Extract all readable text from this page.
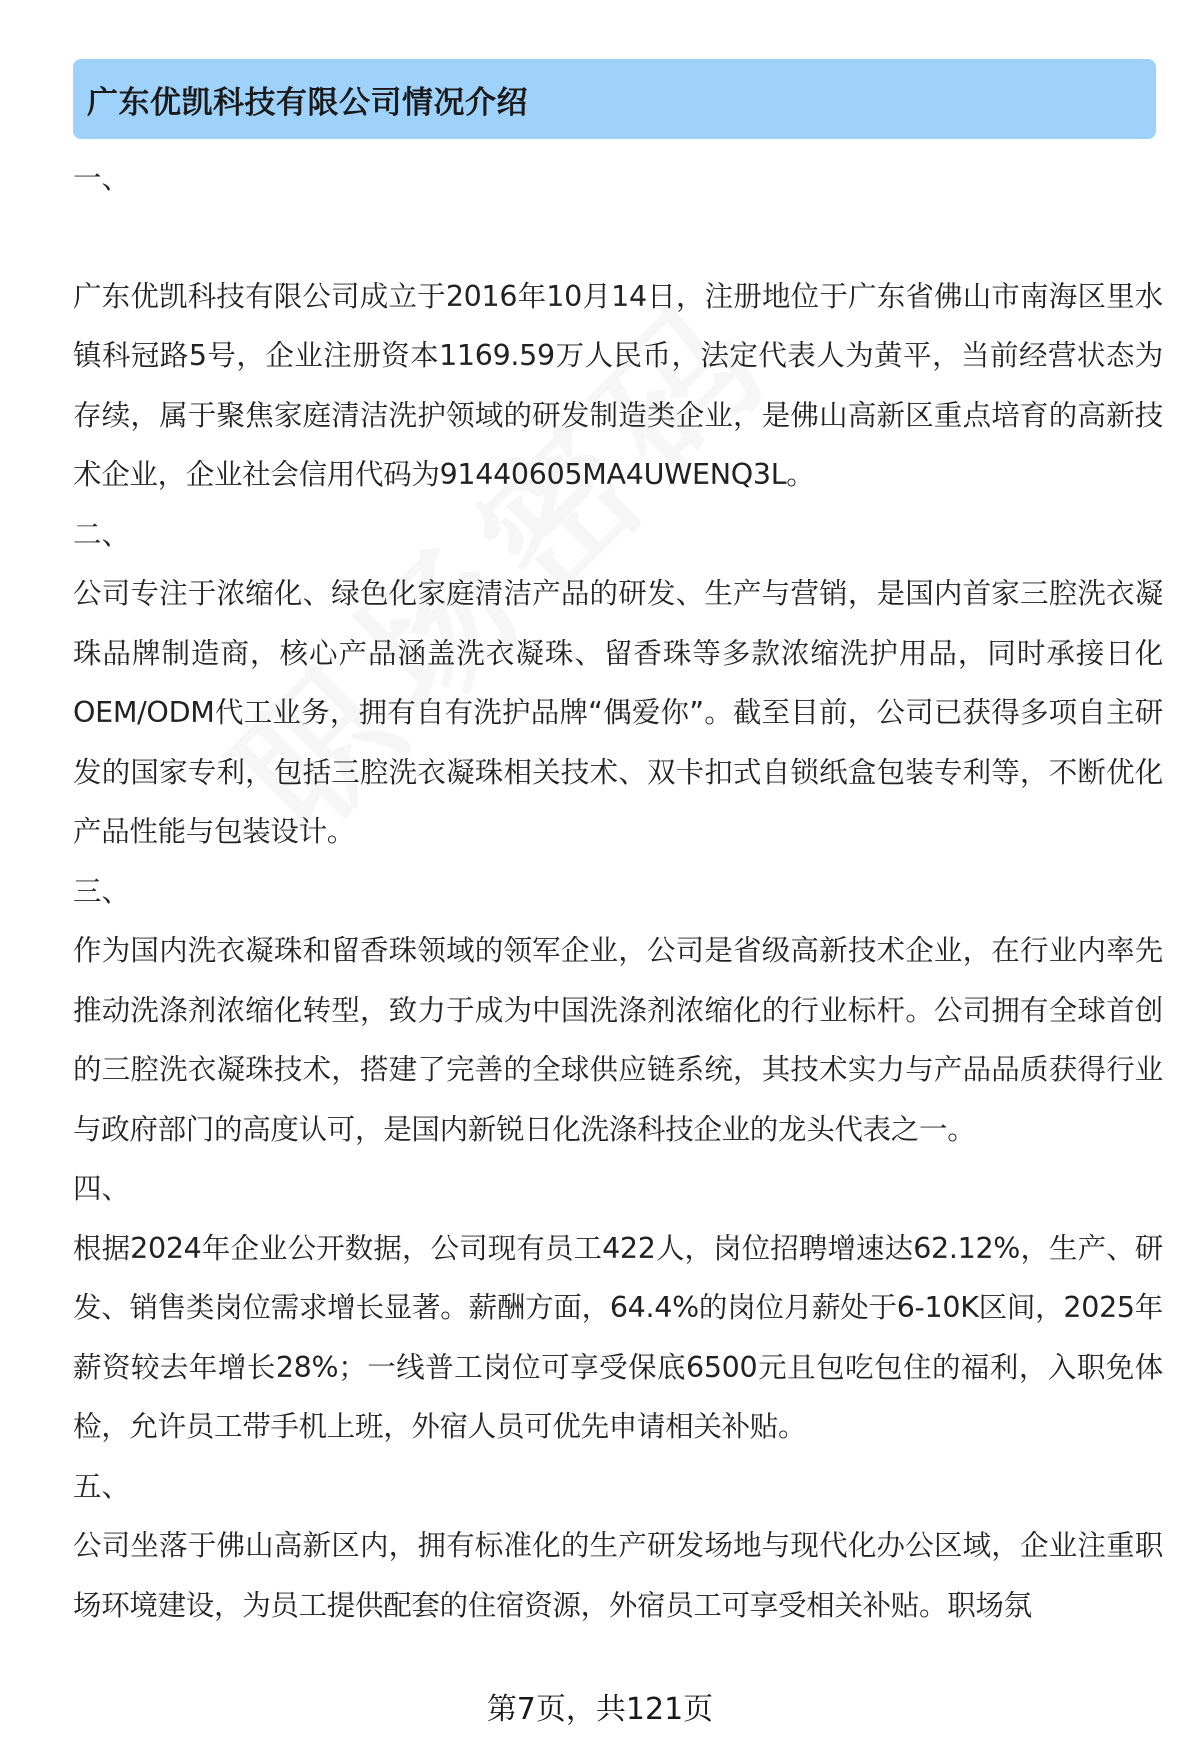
广东优凯科技有限公司情况介绍

一、

广东优凯科技有限公司成立于2016年10月14日，注册地位于广东省佛山市南海区里水镇科冠路5号，企业注册资本1169.59万人民币，法定代表人为黄平，当前经营状态为存续，属于聚焦家庭清洁洗护领域的研发制造类企业，是佛山高新区重点培育的高新技术企业，企业社会信用代码为91440605MA4UWENQ3L。

二、

公司专注于浓缩化、绿色化家庭清洁产品的研发、生产与营销，是国内首家三腔洗衣凝珠品牌制造商，核心产品涵盖洗衣凝珠、留香珠等多款浓缩洗护用品，同时承接日化OEM/ODM代工业务，拥有自有洗护品牌“偶爱你”。截至目前，公司已获得多项自主研发的国家专利，包括三腔洗衣凝珠相关技术、双卡扣式自锁纸盒包装专利等，不断优化产品性能与包装设计。

三、

作为国内洗衣凝珠和留香珠领域的领军企业，公司是省级高新技术企业，在行业内率先推动洗涤剂浓缩化转型，致力于成为中国洗涤剂浓缩化的行业标杆。公司拥有全球首创的三腔洗衣凝珠技术，搭建了完善的全球供应链系统，其技术实力与产品品质获得行业与政府部门的高度认可，是国内新锐日化洗涤科技企业的龙头代表之一。

四、

根据2024年企业公开数据，公司现有员工422人，岗位招聘增速达62.12%，生产、研发、销售类岗位需求增长显著。薪酬方面，64.4%的岗位月薪处于6-10K区间，2025年薪资较去年增长28%；一线普工岗位可享受保底6500元且包吃包住的福利，入职免体检，允许员工带手机上班，外宿人员可优先申请相关补贴。

五、

公司坐落于佛山高新区内，拥有标准化的生产研发场地与现代化办公区域，企业注重职场环境建设，为员工提供配套的住宿资源，外宿员工可享受相关补贴。职场氛

第7页，共121页
